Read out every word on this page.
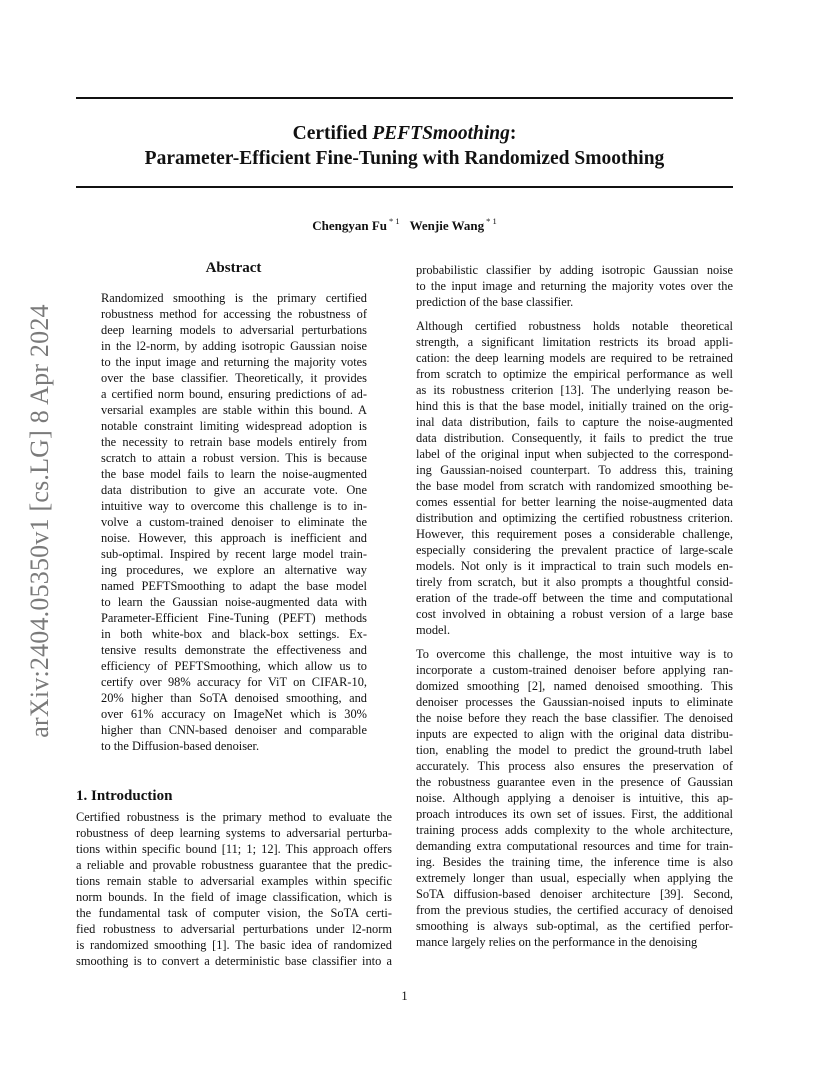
arXiv:2404.05350v1 [cs.LG] 8 Apr 2024
Certified PEFTSmoothing:
Parameter-Efficient Fine-Tuning with Randomized Smoothing
Chengyan Fu $^{* 1}$ Wenjie Wang $^{* 1}$
Abstract
Randomized smoothing is the primary certified
robustness method for accessing the robustness of
deep learning models to adversarial perturbations
in the l2-norm, by adding isotropic Gaussian noise
to the input image and returning the majority votes
over the base classifier. Theoretically, it provides
a certified norm bound, ensuring predictions of ad-
versarial examples are stable within this bound. A
notable constraint limiting widespread adoption is
the necessity to retrain base models entirely from
scratch to attain a robust version. This is because
the base model fails to learn the noise-augmented
data distribution to give an accurate vote. One
intuitive way to overcome this challenge is to in-
volve a custom-trained denoiser to eliminate the
noise. However, this approach is inefficient and
sub-optimal. Inspired by recent large model train-
ing procedures, we explore an alternative way
named PEFTSmoothing to adapt the base model
to learn the Gaussian noise-augmented data with
Parameter-Efficient Fine-Tuning (PEFT) methods
in both white-box and black-box settings. Ex-
tensive results demonstrate the effectiveness and
efficiency of PEFTSmoothing, which allow us to
certify over 98% accuracy for ViT on CIFAR-10,
20% higher than SoTA denoised smoothing, and
over 61% accuracy on ImageNet which is 30%
higher than CNN-based denoiser and comparable
to the Diffusion-based denoiser.
1. Introduction
Certified robustness is the primary method to evaluate the
robustness of deep learning systems to adversarial perturba-
tions within specific bound [11; 1; 12]. This approach offers
a reliable and provable robustness guarantee that the predic-
tions remain stable to adversarial examples within specific
norm bounds. In the field of image classification, which is
the fundamental task of computer vision, the SoTA certi-
fied robustness to adversarial perturbations under l2-norm
is randomized smoothing [1]. The basic idea of randomized
smoothing is to convert a deterministic base classifier into a
probabilistic classifier by adding isotropic Gaussian noise
to the input image and returning the majority votes over the
prediction of the base classifier.
Although certified robustness holds notable theoretical
strength, a significant limitation restricts its broad appli-
cation: the deep learning models are required to be retrained
from scratch to optimize the empirical performance as well
as its robustness criterion [13]. The underlying reason be-
hind this is that the base model, initially trained on the orig-
inal data distribution, fails to capture the noise-augmented
data distribution. Consequently, it fails to predict the true
label of the original input when subjected to the correspond-
ing Gaussian-noised counterpart. To address this, training
the base model from scratch with randomized smoothing be-
comes essential for better learning the noise-augmented data
distribution and optimizing the certified robustness criterion.
However, this requirement poses a considerable challenge,
especially considering the prevalent practice of large-scale
models. Not only is it impractical to train such models en-
tirely from scratch, but it also prompts a thoughtful consid-
eration of the trade-off between the time and computational
cost involved in obtaining a robust version of a large base
model.
To overcome this challenge, the most intuitive way is to
incorporate a custom-trained denoiser before applying ran-
domized smoothing [2], named denoised smoothing. This
denoiser processes the Gaussian-noised inputs to eliminate
the noise before they reach the base classifier. The denoised
inputs are expected to align with the original data distribu-
tion, enabling the model to predict the ground-truth label
accurately. This process also ensures the preservation of
the robustness guarantee even in the presence of Gaussian
noise. Although applying a denoiser is intuitive, this ap-
proach introduces its own set of issues. First, the additional
training process adds complexity to the whole architecture,
demanding extra computational resources and time for train-
ing. Besides the training time, the inference time is also
extremely longer than usual, especially when applying the
SoTA diffusion-based denoiser architecture [39]. Second,
from the previous studies, the certified accuracy of denoised
smoothing is always sub-optimal, as the certified perfor-
mance largely relies on the performance in the denoising
1
